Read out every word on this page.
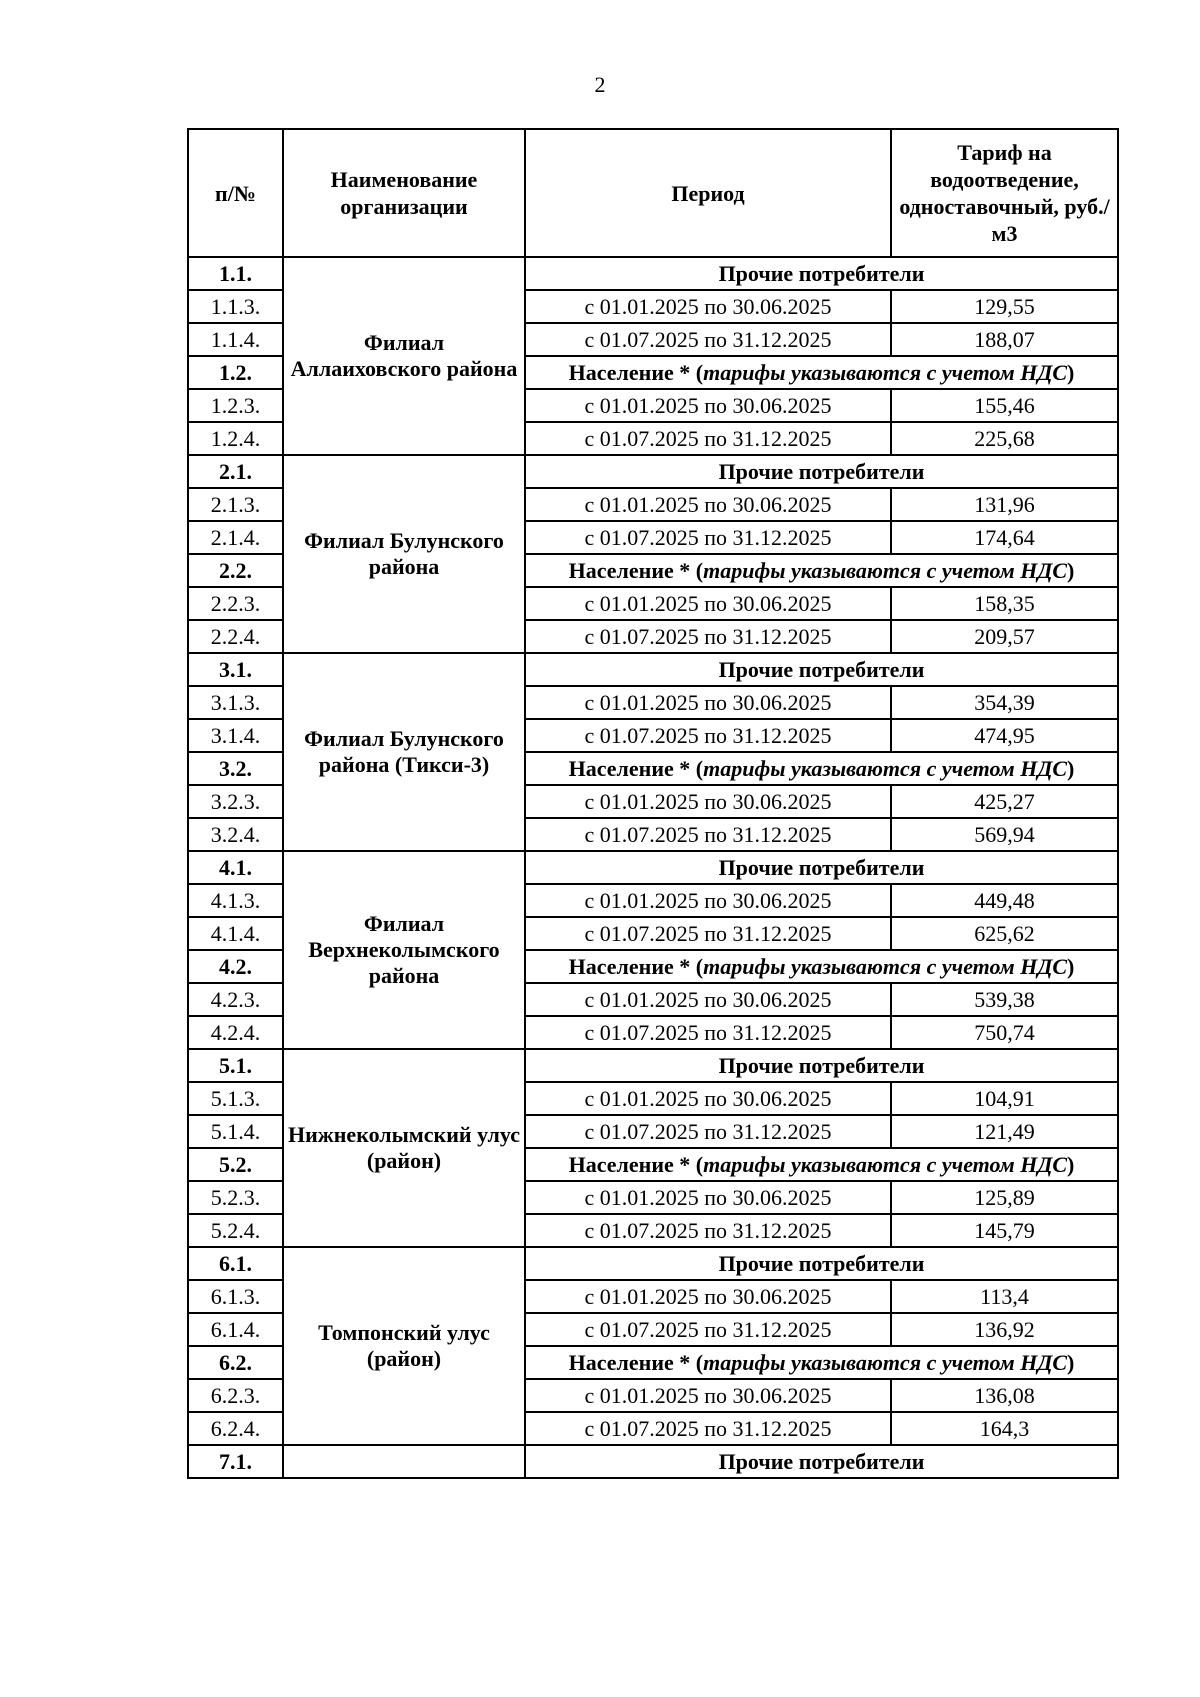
2
п/№	Наименование организации	Период	Тариф на водоотведение, одноставочный, руб./м3
1.1.	Филиал Аллаиховского района	Прочие потребители	
1.1.3.		с 01.01.2025 по 30.06.2025	129,55
1.1.4.		с 01.07.2025 по 31.12.2025	188,07
1.2.		Население * (тарифы указываются с учетом НДС)	
1.2.3.		с 01.01.2025 по 30.06.2025	155,46
1.2.4.		с 01.07.2025 по 31.12.2025	225,68
2.1.	Филиал Булунского района	Прочие потребители	
2.1.3.		с 01.01.2025 по 30.06.2025	131,96
2.1.4.		с 01.07.2025 по 31.12.2025	174,64
2.2.		Население * (тарифы указываются с учетом НДС)	
2.2.3.		с 01.01.2025 по 30.06.2025	158,35
2.2.4.		с 01.07.2025 по 31.12.2025	209,57
3.1.	Филиал Булунского района (Тикси-3)	Прочие потребители	
3.1.3.		с 01.01.2025 по 30.06.2025	354,39
3.1.4.		с 01.07.2025 по 31.12.2025	474,95
3.2.		Население * (тарифы указываются с учетом НДС)	
3.2.3.		с 01.01.2025 по 30.06.2025	425,27
3.2.4.		с 01.07.2025 по 31.12.2025	569,94
4.1.	Филиал Верхнеколымского района	Прочие потребители	
4.1.3.		с 01.01.2025 по 30.06.2025	449,48
4.1.4.		с 01.07.2025 по 31.12.2025	625,62
4.2.		Население * (тарифы указываются с учетом НДС)	
4.2.3.		с 01.01.2025 по 30.06.2025	539,38
4.2.4.		с 01.07.2025 по 31.12.2025	750,74
5.1.	Нижнеколымский улус (район)	Прочие потребители	
5.1.3.		с 01.01.2025 по 30.06.2025	104,91
5.1.4.		с 01.07.2025 по 31.12.2025	121,49
5.2.		Население * (тарифы указываются с учетом НДС)	
5.2.3.		с 01.01.2025 по 30.06.2025	125,89
5.2.4.		с 01.07.2025 по 31.12.2025	145,79
6.1.	Томпонский улус (район)	Прочие потребители	
6.1.3.		с 01.01.2025 по 30.06.2025	113,4
6.1.4.		с 01.07.2025 по 31.12.2025	136,92
6.2.		Население * (тарифы указываются с учетом НДС)	
6.2.3.		с 01.01.2025 по 30.06.2025	136,08
6.2.4.		с 01.07.2025 по 31.12.2025	164,3
7.1.		Прочие потребители	
